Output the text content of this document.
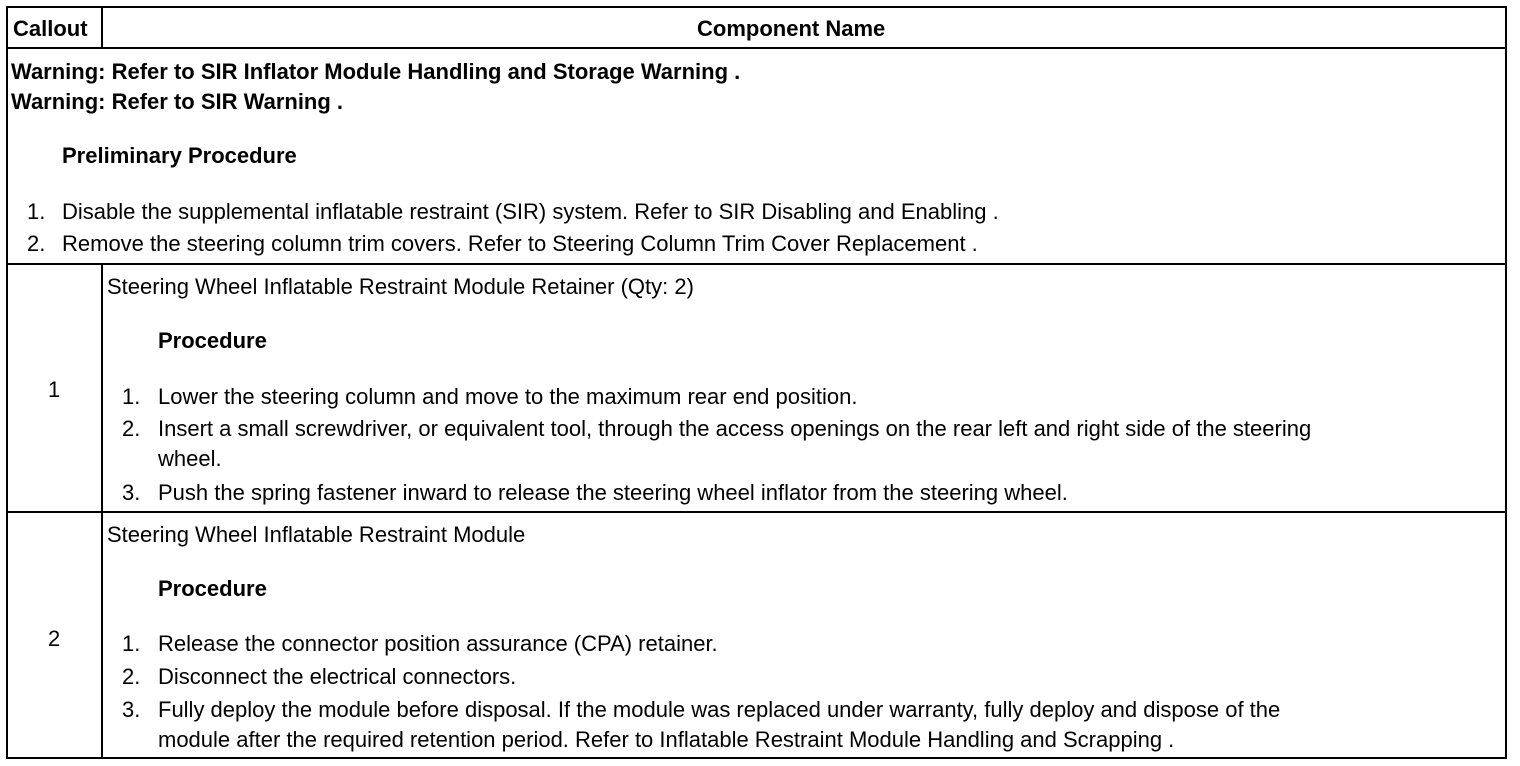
Callout	Component Name
Warning: Refer to SIR Inflator Module Handling and Storage Warning .
Warning: Refer to SIR Warning .
Preliminary Procedure
1. Disable the supplemental inflatable restraint (SIR) system. Refer to SIR Disabling and Enabling .
2. Remove the steering column trim covers. Refer to Steering Column Trim Cover Replacement .
1
Steering Wheel Inflatable Restraint Module Retainer (Qty: 2)
Procedure
1. Lower the steering column and move to the maximum rear end position.
2. Insert a small screwdriver, or equivalent tool, through the access openings on the rear left and right side of the steering
wheel.
3. Push the spring fastener inward to release the steering wheel inflator from the steering wheel.
2
Steering Wheel Inflatable Restraint Module
Procedure
1. Release the connector position assurance (CPA) retainer.
2. Disconnect the electrical connectors.
3. Fully deploy the module before disposal. If the module was replaced under warranty, fully deploy and dispose of the
module after the required retention period. Refer to Inflatable Restraint Module Handling and Scrapping .
